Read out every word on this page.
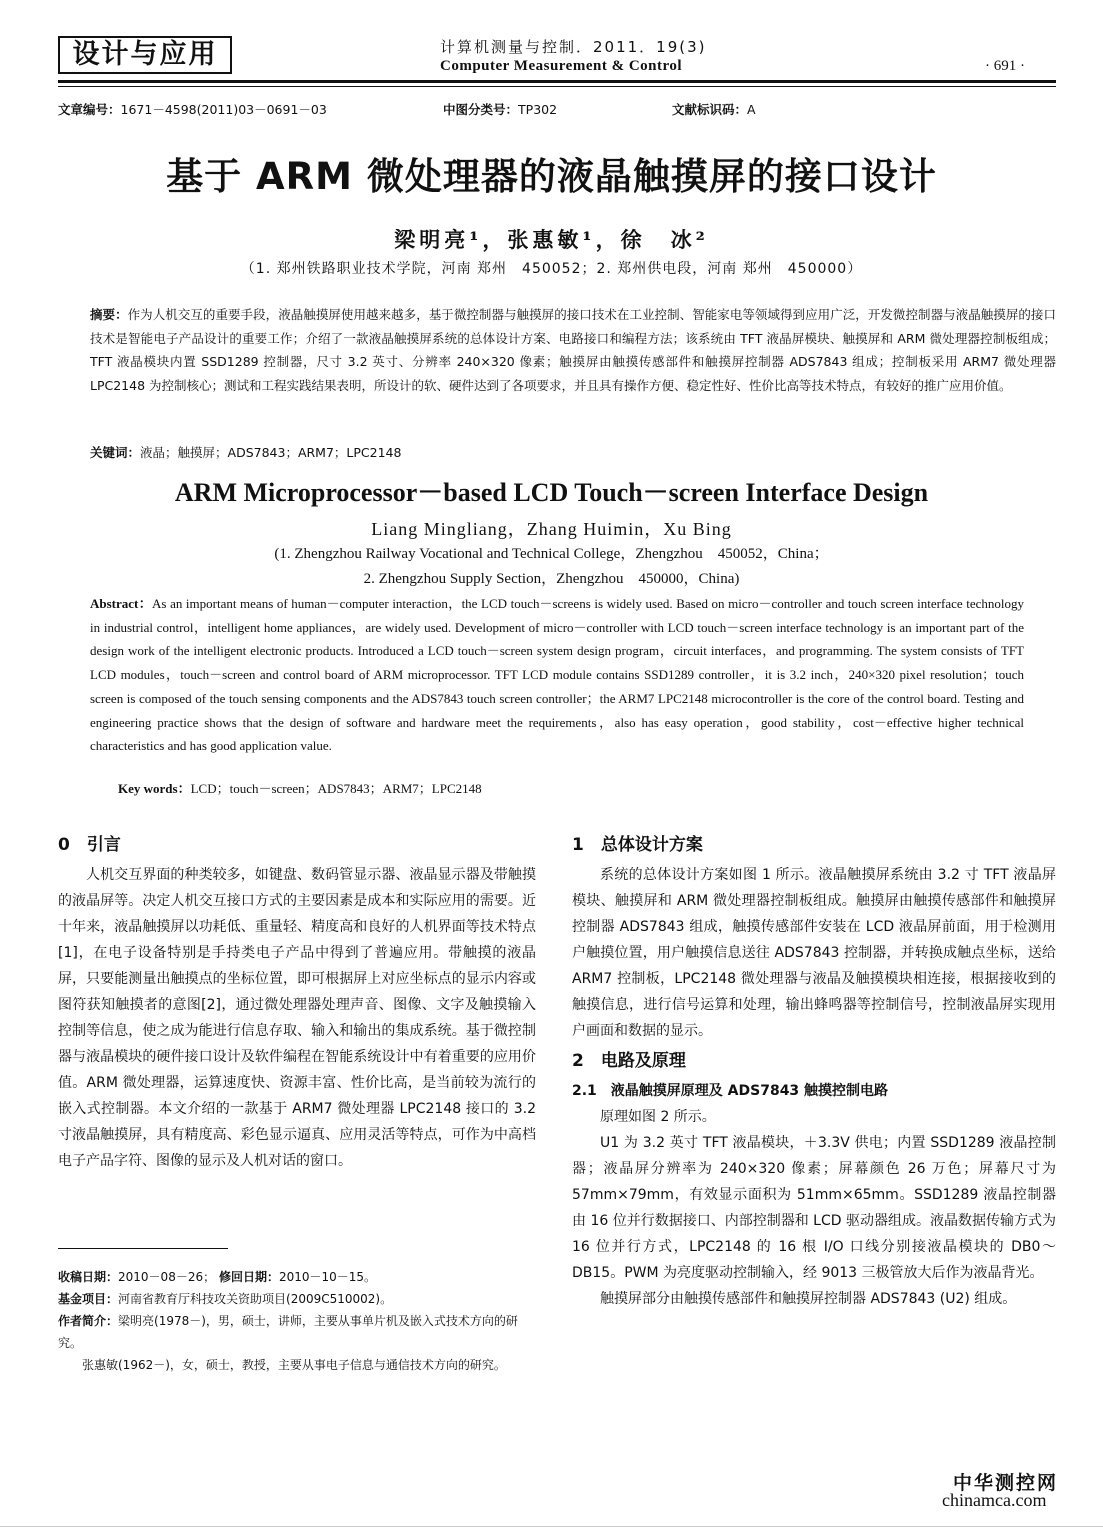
设计与应用	计算机测量与控制．2011．19(3)
Computer Measurement & Control	· 691 ·
文章编号：1671－4598(2011)03－0691－03	中图分类号：TP302	文献标识码：A
基于 ARM 微处理器的液晶触摸屏的接口设计
梁明亮¹，张惠敏¹，徐　冰²
（1. 郑州铁路职业技术学院，河南 郑州　450052；2. 郑州供电段，河南 郑州　450000）
摘要：作为人机交互的重要手段，液晶触摸屏使用越来越多，基于微控制器与触摸屏的接口技术在工业控制、智能家电等领域得到应用广泛，开发微控制器与液晶触摸屏的接口技术是智能电子产品设计的重要工作；介绍了一款液晶触摸屏系统的总体设计方案、电路接口和编程方法；该系统由 TFT 液晶屏模块、触摸屏和 ARM 微处理器控制板组成；TFT 液晶模块内置 SSD1289 控制器，尺寸 3.2 英寸、分辨率 240×320 像素；触摸屏由触摸传感部件和触摸屏控制器 ADS7843 组成；控制板采用 ARM7 微处理器 LPC2148 为控制核心；测试和工程实践结果表明，所设计的软、硬件达到了各项要求，并且具有操作方便、稳定性好、性价比高等技术特点，有较好的推广应用价值。
关键词：液晶；触摸屏；ADS7843；ARM7；LPC2148
ARM Microprocessor－based LCD Touch－screen Interface Design
Liang Mingliang，Zhang Huimin，Xu Bing
(1. Zhengzhou Railway Vocational and Technical College，Zhengzhou　450052，China；
2. Zhengzhou Supply Section，Zhengzhou　450000，China)
Abstract：As an important means of human－computer interaction，the LCD touch－screens is widely used. Based on micro－controller and touch screen interface technology in industrial control，intelligent home appliances，are widely used. Development of micro－controller with LCD touch－screen interface technology is an important part of the design work of the intelligent electronic products. Introduced a LCD touch－screen system design program，circuit interfaces，and programming. The system consists of TFT LCD modules，touch－screen and control board of ARM microprocessor. TFT LCD module contains SSD1289 controller，it is 3.2 inch，240×320 pixel resolution；touch screen is composed of the touch sensing components and the ADS7843 touch screen controller；the ARM7 LPC2148 microcontroller is the core of the control board. Testing and engineering practice shows that the design of software and hardware meet the requirements，also has easy operation，good stability，cost－effective higher technical characteristics and has good application value.
Key words：LCD；touch－screen；ADS7843；ARM7；LPC2148
0　引言

人机交互界面的种类较多，如键盘、数码管显示器、液晶显示器及带触摸的液晶屏等。决定人机交互接口方式的主要因素是成本和实际应用的需要。近十年来，液晶触摸屏以功耗低、重量轻、精度高和良好的人机界面等技术特点[1]，在电子设备特别是手持类电子产品中得到了普遍应用。带触摸的液晶屏，只要能测量出触摸点的坐标位置，即可根据屏上对应坐标点的显示内容或图符获知触摸者的意图[2]，通过微处理器处理声音、图像、文字及触摸输入控制等信息，使之成为能进行信息存取、输入和输出的集成系统。基于微控制器与液晶模块的硬件接口设计及软件编程在智能系统设计中有着重要的应用价值。ARM 微处理器，运算速度快、资源丰富、性价比高，是当前较为流行的嵌入式控制器。本文介绍的一款基于 ARM7 微处理器 LPC2148 接口的 3.2 寸液晶触摸屏，具有精度高、彩色显示逼真、应用灵活等特点，可作为中高档电子产品字符、图像的显示及人机对话的窗口。

收稿日期：2010－08－26； 修回日期：2010－10－15。
基金项目：河南省教育厅科技攻关资助项目(2009C510002)。
作者简介：梁明亮(1978－)，男，硕士，讲师，主要从事单片机及嵌入式技术方向的研究。
张惠敏(1962－)，女，硕士，教授，主要从事电子信息与通信技术方向的研究。
1　总体设计方案

系统的总体设计方案如图 1 所示。液晶触摸屏系统由 3.2 寸 TFT 液晶屏模块、触摸屏和 ARM 微处理器控制板组成。触摸屏由触摸传感部件和触摸屏控制器 ADS7843 组成，触摸传感部件安装在 LCD 液晶屏前面，用于检测用户触摸位置，用户触摸信息送往 ADS7843 控制器，并转换成触点坐标，送给 ARM7 控制板，LPC2148 微处理器与液晶及触摸模块相连接，根据接收到的触摸信息，进行信号运算和处理，输出蜂鸣器等控制信号，控制液晶屏实现用户画面和数据的显示。

2　电路及原理
2.1　液晶触摸屏原理及 ADS7843 触摸控制电路

原理如图 2 所示。

U1 为 3.2 英寸 TFT 液晶模块，＋3.3V 供电；内置 SSD1289 液晶控制器；液晶屏分辨率为 240×320 像素；屏幕颜色 26 万色；屏幕尺寸为 57mm×79mm，有效显示面积为 51mm×65mm。SSD1289 液晶控制器由 16 位并行数据接口、内部控制器和 LCD 驱动器组成。液晶数据传输方式为 16 位并行方式，LPC2148 的 16 根 I/O 口线分别接液晶模块的 DB0～DB15。PWM 为亮度驱动控制输入，经 9013 三极管放大后作为液晶背光。

触摸屏部分由触摸传感部件和触摸屏控制器 ADS7843 (U2) 组成。

中华测控网
chinamca.com
